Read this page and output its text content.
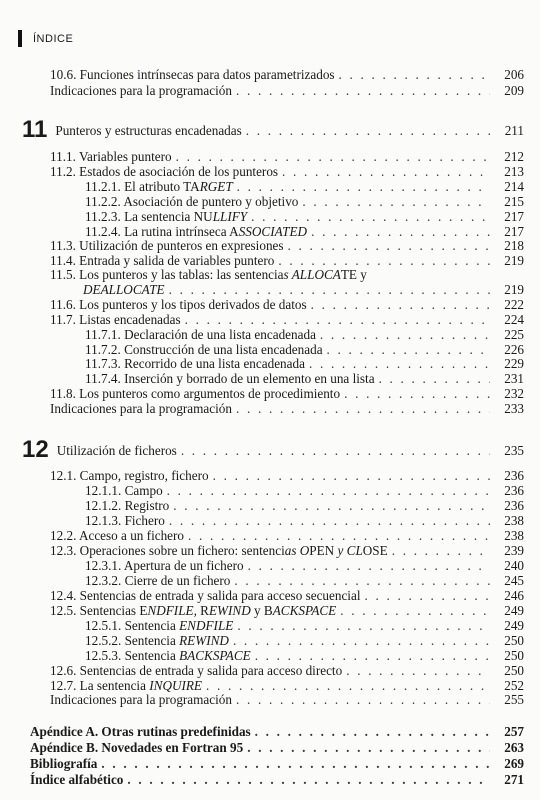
ÍNDICE
10.6. Funciones intrínsecas para datos parametrizados . . .	206
Indicaciones para la programación . . .	209
11 Punteros y estructuras encadenadas . . .	211
11.1. Variables puntero . . .	212
11.2. Estados de asociación de los punteros . . .	213
11.2.1. El atributo TARGET . . .	214
11.2.2. Asociación de puntero y objetivo . . .	215
11.2.3. La sentencia NULLIFY . . .	217
11.2.4. La rutina intrínseca ASSOCIATED . . .	217
11.3. Utilización de punteros en expresiones . . .	218
11.4. Entrada y salida de variables puntero . . .	219
11.5. Los punteros y las tablas: las sentencias ALLOCATE y
DEALLOCATE . . .	219
11.6. Los punteros y los tipos derivados de datos . . .	222
11.7. Listas encadenadas . . .	224
11.7.1. Declaración de una lista encadenada . . .	225
11.7.2. Construcción de una lista encadenada . . .	226
11.7.3. Recorrido de una lista encadenada . . .	229
11.7.4. Inserción y borrado de un elemento en una lista . . .	231
11.8. Los punteros como argumentos de procedimiento . . .	232
Indicaciones para la programación . . .	233
12 Utilización de ficheros . . .	235
12.1. Campo, registro, fichero . . .	236
12.1.1. Campo . . .	236
12.1.2. Registro . . .	236
12.1.3. Fichero . . .	238
12.2. Acceso a un fichero . . .	238
12.3. Operaciones sobre un fichero: sentencias OPEN y CLOSE . . .	239
12.3.1. Apertura de un fichero . . .	240
12.3.2. Cierre de un fichero . . .	245
12.4. Sentencias de entrada y salida para acceso secuencial . . .	246
12.5. Sentencias ENDFILE, REWIND y BACKSPACE . . .	249
12.5.1. Sentencia ENDFILE . . .	249
12.5.2. Sentencia REWIND . . .	250
12.5.3. Sentencia BACKSPACE . . .	250
12.6. Sentencias de entrada y salida para acceso directo . . .	250
12.7. La sentencia INQUIRE . . .	252
Indicaciones para la programación . . .	255
Apéndice A. Otras rutinas predefinidas . . .	257
Apéndice B. Novedades en Fortran 95 . . .	263
Bibliografía . . .	269
Índice alfabético . . .	271
